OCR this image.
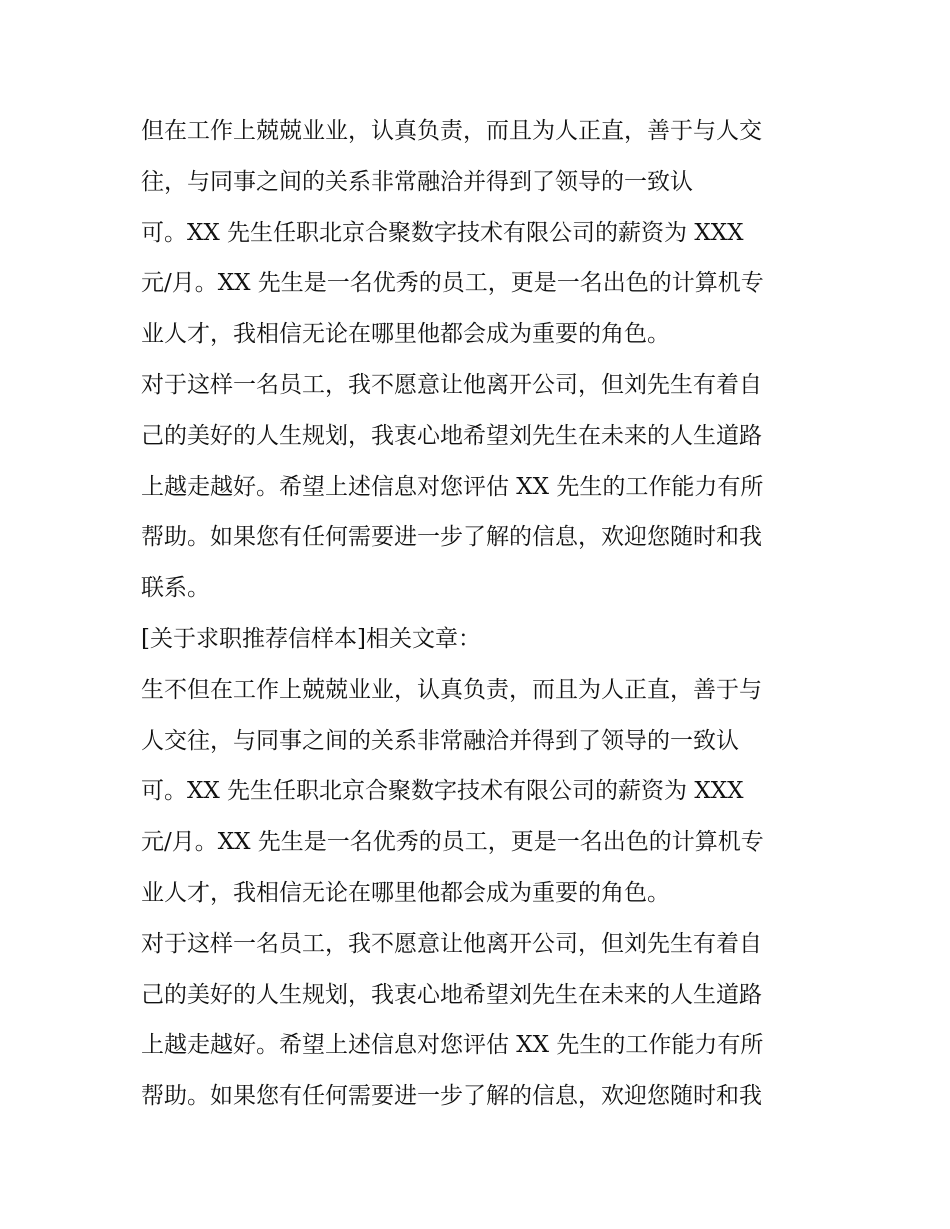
但在工作上兢兢业业，认真负责，而且为人正直，善于与人交
往，与同事之间的关系非常融洽并得到了领导的一致认
可。XX 先生任职北京合聚数字技术有限公司的薪资为 XXX
元/月。XX 先生是一名优秀的员工，更是一名出色的计算机专
业人才，我相信无论在哪里他都会成为重要的角色。
对于这样一名员工，我不愿意让他离开公司，但刘先生有着自
己的美好的人生规划，我衷心地希望刘先生在未来的人生道路
上越走越好。希望上述信息对您评估 XX 先生的工作能力有所
帮助。如果您有任何需要进一步了解的信息，欢迎您随时和我
联系。
[关于求职推荐信样本]相关文章：
生不但在工作上兢兢业业，认真负责，而且为人正直，善于与
人交往，与同事之间的关系非常融洽并得到了领导的一致认
可。XX 先生任职北京合聚数字技术有限公司的薪资为 XXX
元/月。XX 先生是一名优秀的员工，更是一名出色的计算机专
业人才，我相信无论在哪里他都会成为重要的角色。
对于这样一名员工，我不愿意让他离开公司，但刘先生有着自
己的美好的人生规划，我衷心地希望刘先生在未来的人生道路
上越走越好。希望上述信息对您评估 XX 先生的工作能力有所
帮助。如果您有任何需要进一步了解的信息，欢迎您随时和我
